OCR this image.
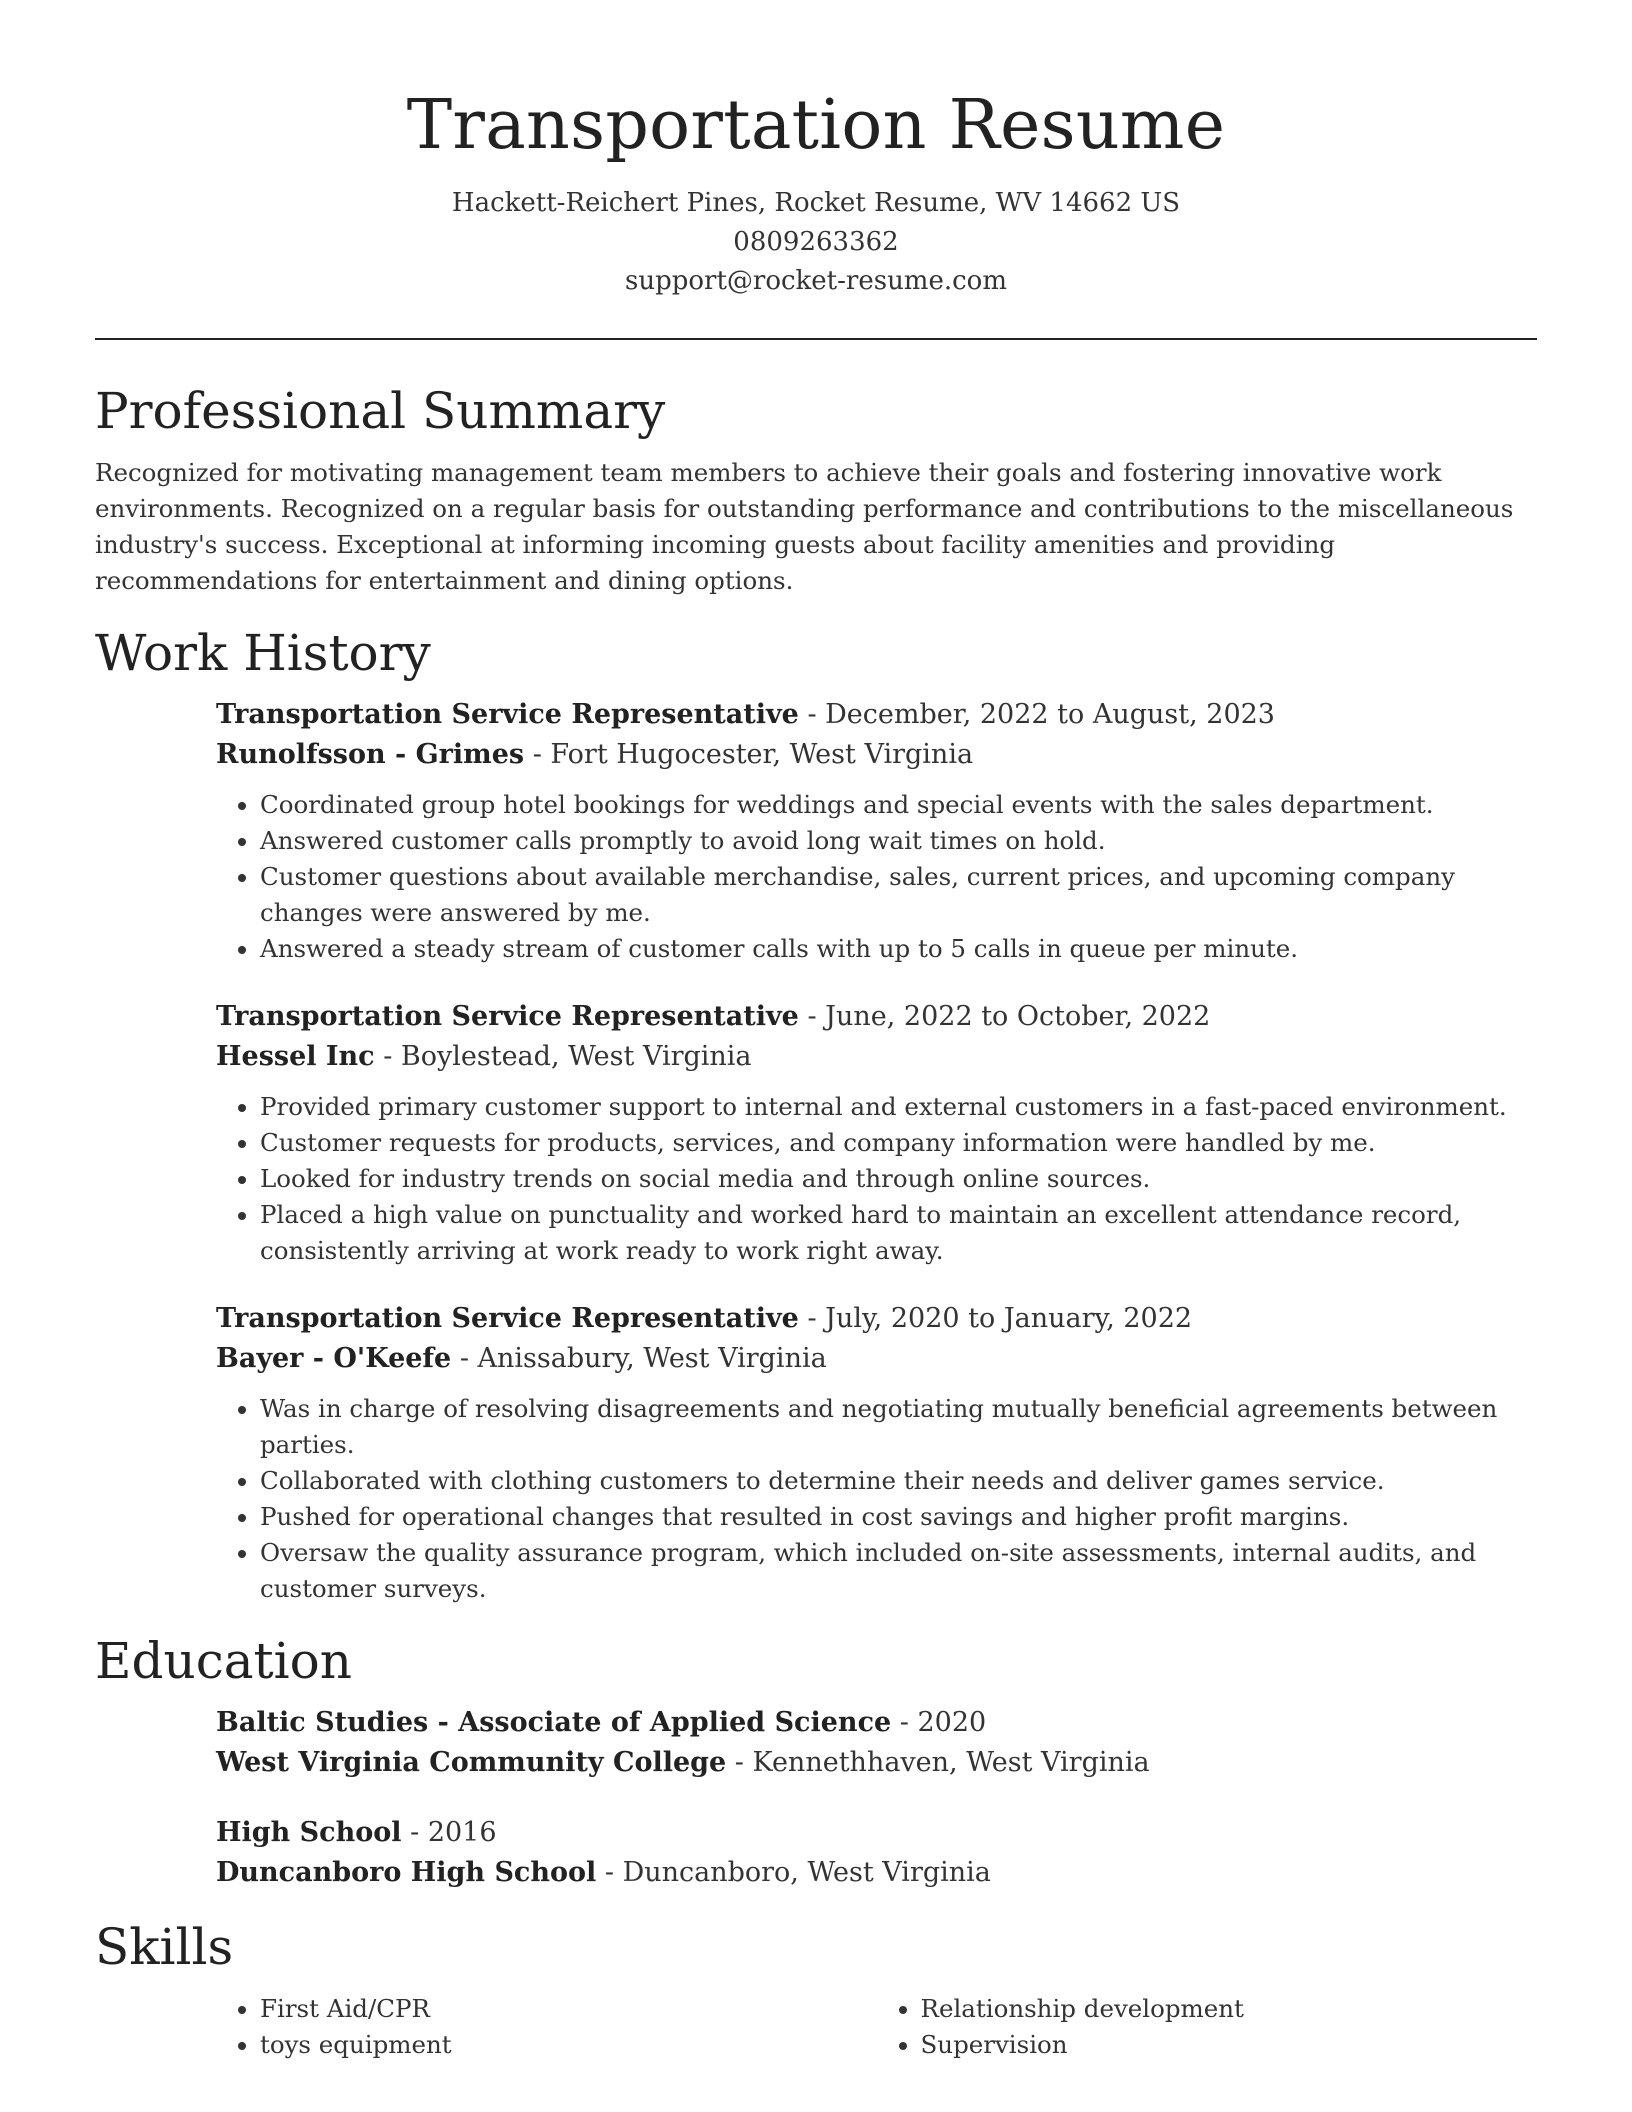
Transportation Resume
Hackett-Reichert Pines, Rocket Resume, WV 14662 US
0809263362
support@rocket-resume.com
Professional Summary

Recognized for motivating management team members to achieve their goals and fostering innovative work environments. Recognized on a regular basis for outstanding performance and contributions to the miscellaneous industry's success. Exceptional at informing incoming guests about facility amenities and providing recommendations for entertainment and dining options.

Work History
Transportation Service Representative - December, 2022 to August, 2023
Runolfsson - Grimes - Fort Hugocester, West Virginia
• Coordinated group hotel bookings for weddings and special events with the sales department.
• Answered customer calls promptly to avoid long wait times on hold.
• Customer questions about available merchandise, sales, current prices, and upcoming company changes were answered by me.
• Answered a steady stream of customer calls with up to 5 calls in queue per minute.
Transportation Service Representative - June, 2022 to October, 2022
Hessel Inc - Boylestead, West Virginia
• Provided primary customer support to internal and external customers in a fast-paced environment.
• Customer requests for products, services, and company information were handled by me.
• Looked for industry trends on social media and through online sources.
• Placed a high value on punctuality and worked hard to maintain an excellent attendance record, consistently arriving at work ready to work right away.
Transportation Service Representative - July, 2020 to January, 2022
Bayer - O'Keefe - Anissabury, West Virginia
• Was in charge of resolving disagreements and negotiating mutually beneficial agreements between parties.
• Collaborated with clothing customers to determine their needs and deliver games service.
• Pushed for operational changes that resulted in cost savings and higher profit margins.
• Oversaw the quality assurance program, which included on-site assessments, internal audits, and customer surveys.
Education
Baltic Studies - Associate of Applied Science - 2020
West Virginia Community College - Kennethhaven, West Virginia
High School - 2016
Duncanboro High School - Duncanboro, West Virginia
Skills
• First Aid/CPR
• toys equipment
• Relationship development
• Supervision
